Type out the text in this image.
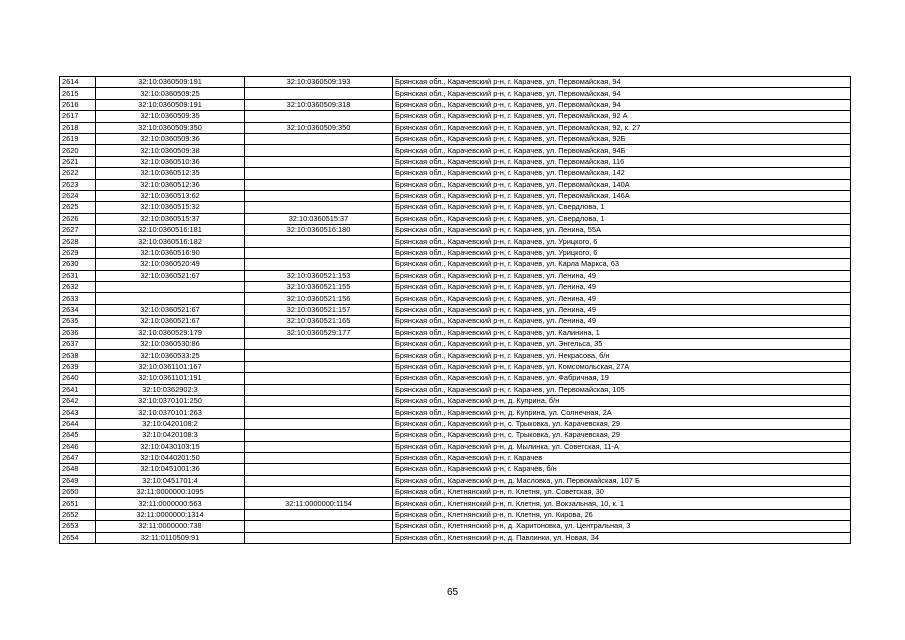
2614	32:10:0360509:191	32:10:0360509:193	Брянская обл., Карачевский р-н, г. Карачев, ул. Первомайская, 94
2615	32:10:0360509:25		Брянская обл., Карачевский р-н, г. Карачев, ул. Первомайская, 94
2616	32:10:0360509:191	32:10:0360509:318	Брянская обл., Карачевский р-н, г. Карачев, ул. Первомайская, 94
2617	32:10:0360509:35		Брянская обл., Карачевский р-н, г. Карачев, ул. Первомайская, 92 А
2618	32:10:0360509:350	32:10:0360509:350	Брянская обл., Карачевский р-н, г. Карачев, ул. Первомайская, 92, к. 27
2619	32:10:0360509:36		Брянская обл., Карачевский р-н, г. Карачев, ул. Первомайская, 92Б
2620	32:10:0360509:38		Брянская обл., Карачевский р-н, г. Карачев, ул. Первомайская, 94Б
2621	32:10:0360510:36		Брянская обл., Карачевский р-н, г. Карачев, ул. Первомайская, 116
2622	32:10:0360512:35		Брянская обл., Карачевский р-н, г. Карачев, ул. Первомайская, 142
2623	32:10:0360512:36		Брянская обл., Карачевский р-н, г. Карачев, ул. Первомайская, 140А
2624	32:10:0360513:62		Брянская обл., Карачевский р-н, г. Карачев, ул. Первомайская, 146А
2625	32:10:0360515:32		Брянская обл., Карачевский р-н, г. Карачев, ул. Свердлова, 1
2626	32:10:0360515:37	32:10:0360515:37	Брянская обл., Карачевский р-н, г. Карачев, ул. Свердлова, 1
2627	32:10:0360516:181	32:10:0360516:180	Брянская обл., Карачевский р-н, г. Карачев, ул. Ленина, 55А
2628	32:10:0360516:182		Брянская обл., Карачевский р-н, г. Карачев, ул. Урицкого, 6
2629	32:10:0360516:90		Брянская обл., Карачевский р-н, г. Карачев, ул. Урицкого, 6
2630	32:10:0360520:49		Брянская обл., Карачевский р-н, г. Карачев, ул. Карла Маркса, 63
2631	32:10:0360521:67	32:10:0360521:153	Брянская обл., Карачевский р-н, г. Карачев, ул. Ленина, 49
2632		32:10:0360521:155	Брянская обл., Карачевский р-н, г. Карачев, ул. Ленина, 49
2633		32:10:0360521:156	Брянская обл., Карачевский р-н, г. Карачев, ул. Ленина, 49
2634	32:10:0360521:67	32:10:0360521:157	Брянская обл., Карачевский р-н, г. Карачев, ул. Ленина, 49
2635	32:10:0360521:67	32:10:0360521:165	Брянская обл., Карачевский р-н, г. Карачев, ул. Ленина, 49
2636	32:10:0360529:179	32:10:0360529:177	Брянская обл., Карачевский р-н, г. Карачев, ул. Калинина, 1
2637	32:10:0360530:86		Брянская обл., Карачевский р-н, г. Карачев, ул. Энгельса, 35
2638	32:10:0360533:25		Брянская обл., Карачевский р-н, г. Карачев, ул. Некрасова, б/н
2639	32:10:0361101:167		Брянская обл., Карачевский р-н, г. Карачев, ул. Комсомольская, 27А
2640	32:10:0361101:191		Брянская обл., Карачевский р-н, г. Карачев, ул. Фабричная, 19
2641	32:10:0362902:3		Брянская обл., Карачевский р-н, г. Карачев, ул. Первомайская, 105
2642	32:10:0370101:250		Брянская обл., Карачевский р-н, д. Куприна, б/н
2643	32:10:0370101:263		Брянская обл., Карачевский р-н, д. Куприна, ул. Солнечная, 2А
2644	32:10:0420108:2		Брянская обл., Карачевский р-н, с. Трыковка, ул. Карачевская, 29
2645	32:10:0420108:3		Брянская обл., Карачевский р-н, с. Трыковка, ул. Карачевская, 29
2646	32:10:0430103:15		Брянская обл., Карачевский р-н, д. Мылинка, ул. Советская, 11-А
2647	32:10:0440201:50		Брянская обл., Карачевский р-н, г. Карачев
2648	32:10:0451001:36		Брянская обл., Карачевский р-н, г. Карачев, б/н
2649	32:10:0451701:4		Брянская обл., Карачевский р-н, д. Масловка, ул. Первомайская, 107 Б
2650	32:11:0000000:1095		Брянская обл., Клетнянский р-н, п. Клетня, ул. Советская, 30
2651	32:11:0000000:563	32:11:0000000:1154	Брянская обл., Клетнянский р-н, п. Клетня, ул. Вокзальная, 10, к. 1
2652	32:11:0000000:1314		Брянская обл., Клетнянский р-н, п. Клетня, ул. Кирова, 26
2653	32:11:0000000:738		Брянская обл., Клетнянский р-н, д. Харитоновка, ул. Центральная, 3
2654	32:11:0110509:91		Брянская обл., Клетнянский р-н, д. Павлинки, ул. Новая, 34
65
